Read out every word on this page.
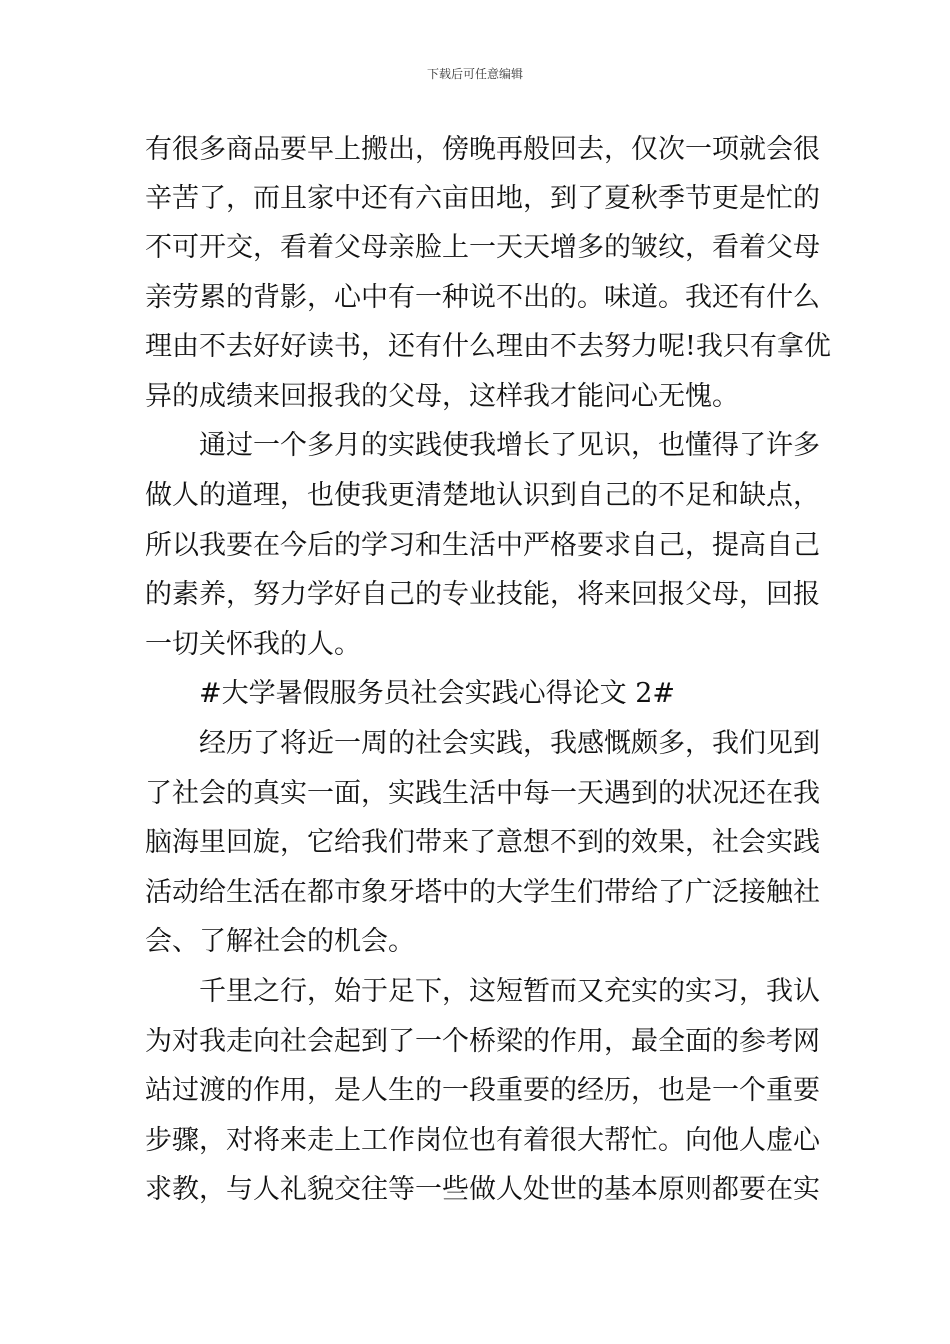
下载后可任意编辑
有很多商品要早上搬出，傍晚再般回去，仅次一项就会很
辛苦了，而且家中还有六亩田地，到了夏秋季节更是忙的
不可开交，看着父母亲脸上一天天增多的皱纹，看着父母
亲劳累的背影，心中有一种说不出的。味道。我还有什么
理由不去好好读书，还有什么理由不去努力呢!我只有拿优
异的成绩来回报我的父母，这样我才能问心无愧。
通过一个多月的实践使我增长了见识，也懂得了许多
做人的道理，也使我更清楚地认识到自己的不足和缺点，
所以我要在今后的学习和生活中严格要求自己，提高自己
的素养，努力学好自己的专业技能，将来回报父母，回报
一切关怀我的人。
#大学暑假服务员社会实践心得论文 2#
经历了将近一周的社会实践，我感慨颇多，我们见到
了社会的真实一面，实践生活中每一天遇到的状况还在我
脑海里回旋，它给我们带来了意想不到的效果，社会实践
活动给生活在都市象牙塔中的大学生们带给了广泛接触社
会、了解社会的机会。
千里之行，始于足下，这短暂而又充实的实习，我认
为对我走向社会起到了一个桥梁的作用，最全面的参考网
站过渡的作用，是人生的一段重要的经历，也是一个重要
步骤，对将来走上工作岗位也有着很大帮忙。向他人虚心
求教，与人礼貌交往等一些做人处世的基本原则都要在实
